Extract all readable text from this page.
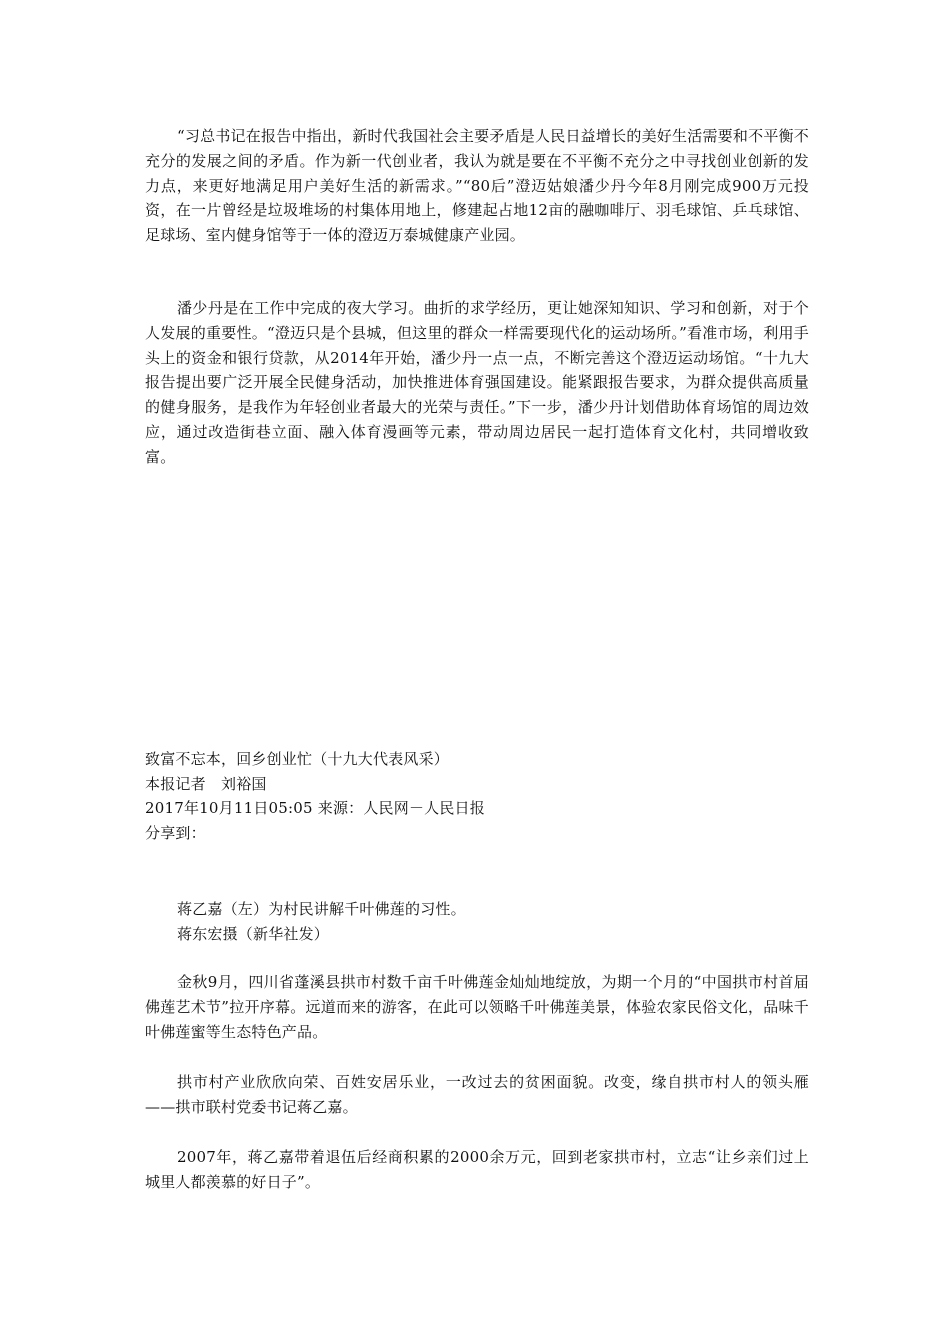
“习总书记在报告中指出，新时代我国社会主要矛盾是人民日益增长的美好生活需要和不平衡不充分的发展之间的矛盾。作为新一代创业者，我认为就是要在不平衡不充分之中寻找创业创新的发力点，来更好地满足用户美好生活的新需求。”“80后”澄迈姑娘潘少丹今年8月刚完成900万元投资，在一片曾经是垃圾堆场的村集体用地上，修建起占地12亩的融咖啡厅、羽毛球馆、乒乓球馆、足球场、室内健身馆等于一体的澄迈万泰城健康产业园。

潘少丹是在工作中完成的夜大学习。曲折的求学经历，更让她深知知识、学习和创新，对于个人发展的重要性。“澄迈只是个县城，但这里的群众一样需要现代化的运动场所。”看准市场，利用手头上的资金和银行贷款，从2014年开始，潘少丹一点一点，不断完善这个澄迈运动场馆。“十九大报告提出要广泛开展全民健身活动，加快推进体育强国建设。能紧跟报告要求，为群众提供高质量的健身服务，是我作为年轻创业者最大的光荣与责任。”下一步，潘少丹计划借助体育场馆的周边效应，通过改造街巷立面、融入体育漫画等元素，带动周边居民一起打造体育文化村，共同增收致富。

致富不忘本，回乡创业忙（十九大代表风采）

本报记者　刘裕国

2017年10月11日05:05 来源：人民网－人民日报

分享到：

蒋乙嘉（左）为村民讲解千叶佛莲的习性。

蒋东宏摄（新华社发）

金秋9月，四川省蓬溪县拱市村数千亩千叶佛莲金灿灿地绽放，为期一个月的“中国拱市村首届佛莲艺术节”拉开序幕。远道而来的游客，在此可以领略千叶佛莲美景，体验农家民俗文化，品味千叶佛莲蜜等生态特色产品。

拱市村产业欣欣向荣、百姓安居乐业，一改过去的贫困面貌。改变，缘自拱市村人的领头雁——拱市联村党委书记蒋乙嘉。

2007年，蒋乙嘉带着退伍后经商积累的2000余万元，回到老家拱市村，立志“让乡亲们过上城里人都羡慕的好日子”。
